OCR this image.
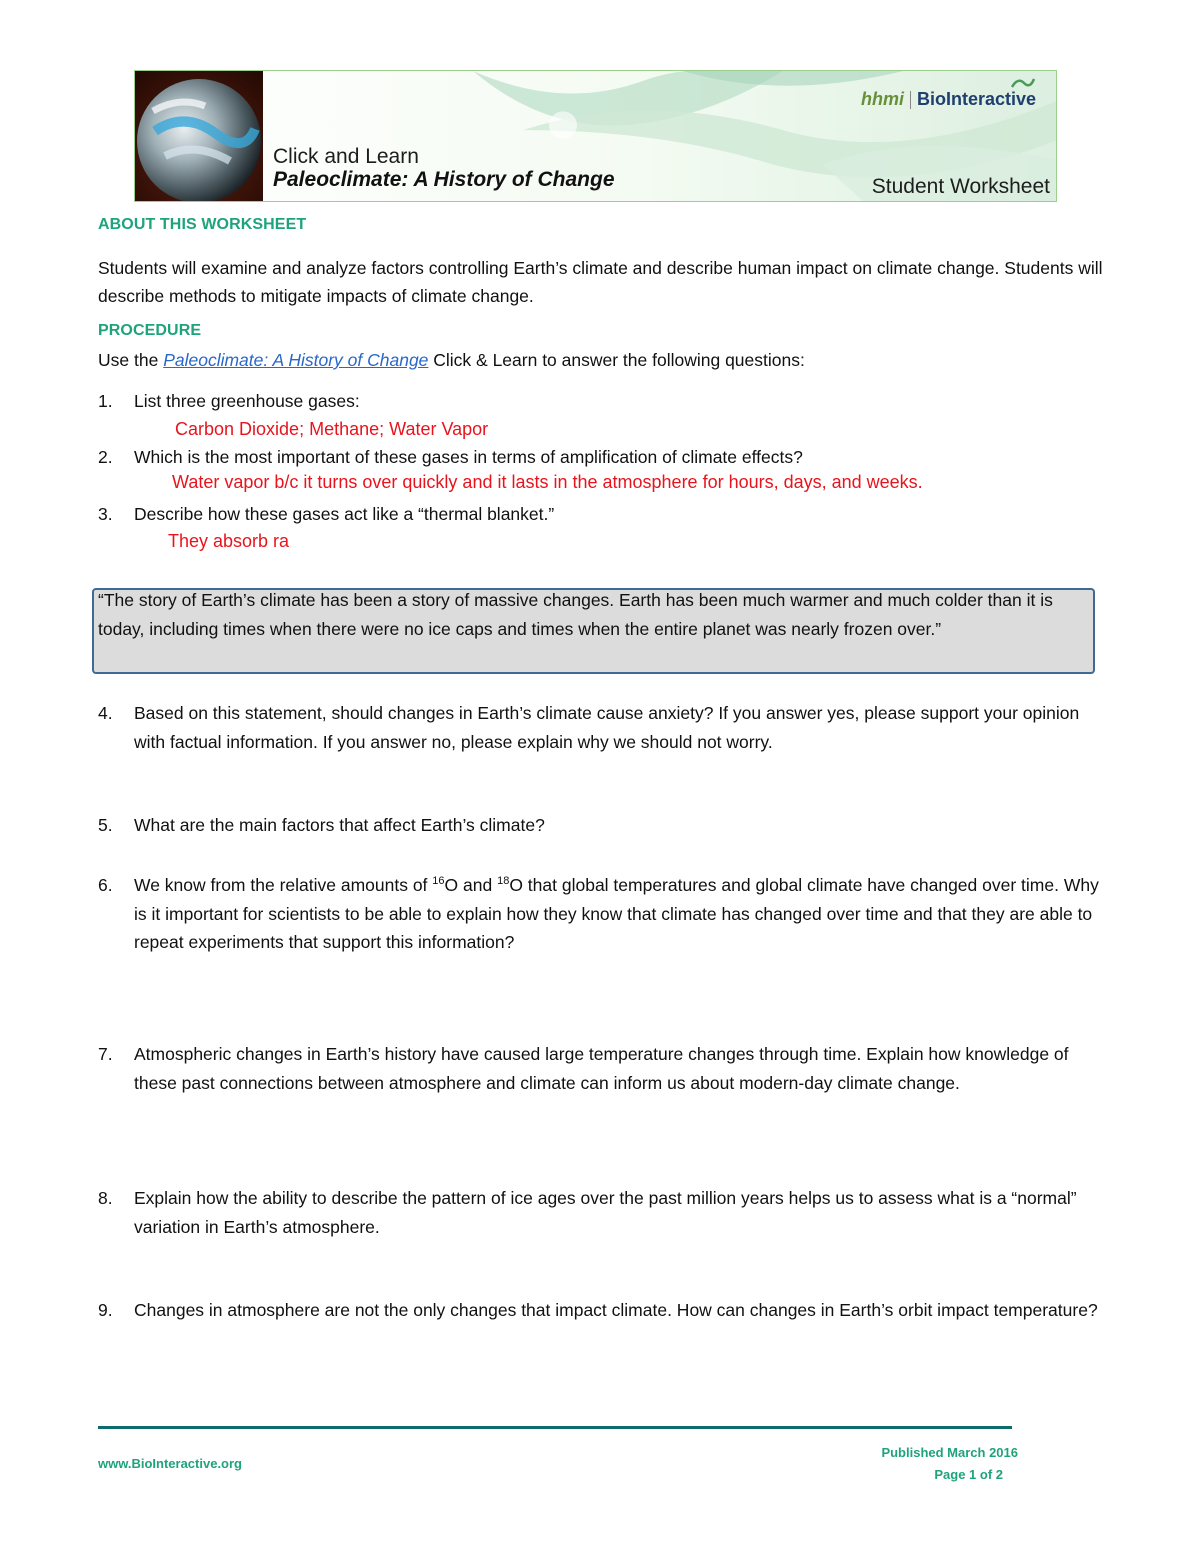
hhmi BioInteractive
Click and Learn
Paleoclimate: A History of Change	Student Worksheet
ABOUT THIS WORKSHEET
Students will examine and analyze factors controlling Earth’s climate and describe human impact on climate change. Students will describe methods to mitigate impacts of climate change.
PROCEDURE
Use the Paleoclimate: A History of Change Click & Learn to answer the following questions:
1.	List three greenhouse gases:
Carbon Dioxide; Methane; Water Vapor
2.	Which is the most important of these gases in terms of amplification of climate effects?
Water vapor b/c it turns over quickly and it lasts in the atmosphere for hours, days, and weeks.
3.	Describe how these gases act like a “thermal blanket.”
They absorb ra
“The story of Earth’s climate has been a story of massive changes. Earth has been much warmer and much colder than it is today, including times when there were no ice caps and times when the entire planet was nearly frozen over.”
4.	Based on this statement, should changes in Earth’s climate cause anxiety? If you answer yes, please support your opinion with factual information. If you answer no, please explain why we should not worry.
5.	What are the main factors that affect Earth’s climate?
6.	We know from the relative amounts of $^{16}$O and $^{18}$O that global temperatures and global climate have changed over time. Why is it important for scientists to be able to explain how they know that climate has changed over time and that they are able to repeat experiments that support this information?
7.	Atmospheric changes in Earth’s history have caused large temperature changes through time. Explain how knowledge of these past connections between atmosphere and climate can inform us about modern-day climate change.
8.	Explain how the ability to describe the pattern of ice ages over the past million years helps us to assess what is a “normal” variation in Earth’s atmosphere.
9.	Changes in atmosphere are not the only changes that impact climate. How can changes in Earth’s orbit impact temperature?
www.BioInteractive.org
Published March 2016
Page 1 of 2
